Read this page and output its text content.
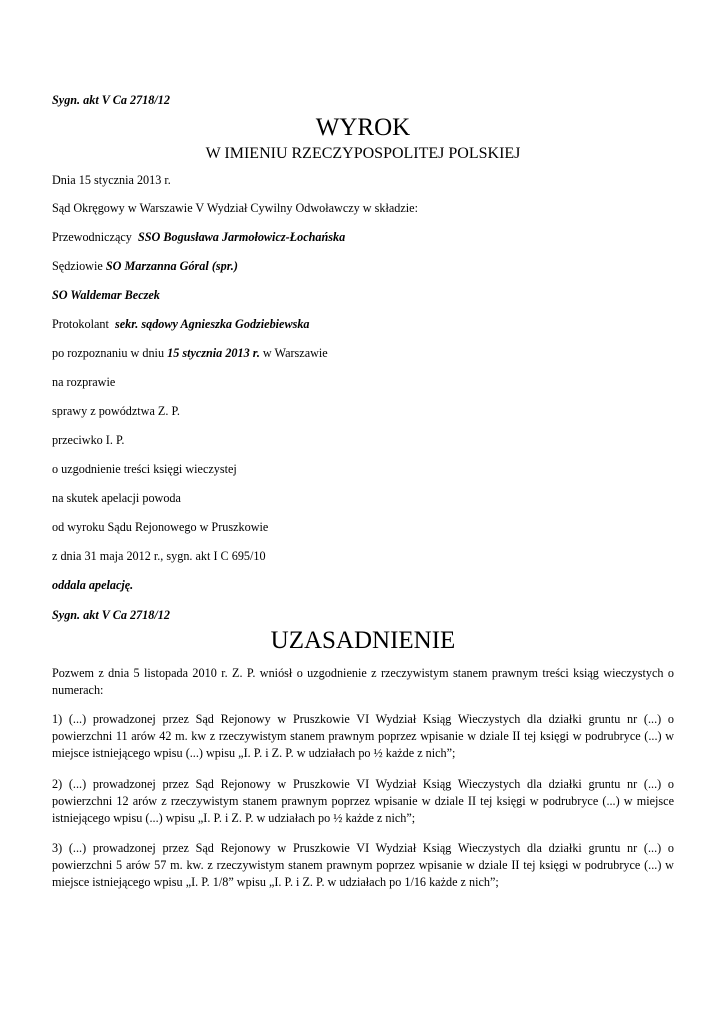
Sygn. akt V Ca 2718/12
WYROK
W IMIENIU RZECZYPOSPOLITEJ POLSKIEJ
Dnia 15 stycznia 2013 r.
Sąd Okręgowy w Warszawie V Wydział Cywilny Odwoławczy w składzie:
Przewodniczący SSO Bogusława Jarmołowicz-Łochańska
Sędziowie SO Marzanna Góral (spr.)
SO Waldemar Beczek
Protokolant sekr. sądowy Agnieszka Godziebiewska
po rozpoznaniu w dniu 15 stycznia 2013 r. w Warszawie
na rozprawie
sprawy z powództwa Z. P.
przeciwko I. P.
o uzgodnienie treści księgi wieczystej
na skutek apelacji powoda
od wyroku Sądu Rejonowego w Pruszkowie
z dnia 31 maja 2012 r., sygn. akt I C 695/10
oddala apelację.
Sygn. akt V Ca 2718/12
UZASADNIENIE
Pozwem z dnia 5 listopada 2010 r. Z. P. wniósł o uzgodnienie z rzeczywistym stanem prawnym treści ksiąg wieczystych o numerach:
1) (...) prowadzonej przez Sąd Rejonowy w Pruszkowie VI Wydział Ksiąg Wieczystych dla działki gruntu nr (...) o powierzchni 11 arów 42 m. kw z rzeczywistym stanem prawnym poprzez wpisanie w dziale II tej księgi w podrubryce (...) w miejsce istniejącego wpisu (...) wpisu „I. P. i Z. P. w udziałach po ½ każde z nich”;
2) (...) prowadzonej przez Sąd Rejonowy w Pruszkowie VI Wydział Ksiąg Wieczystych dla działki gruntu nr (...) o powierzchni 12 arów z rzeczywistym stanem prawnym poprzez wpisanie w dziale II tej księgi w podrubryce (...) w miejsce istniejącego wpisu (...) wpisu „I. P. i Z. P. w udziałach po ½ każde z nich”;
3) (...) prowadzonej przez Sąd Rejonowy w Pruszkowie VI Wydział Ksiąg Wieczystych dla działki gruntu nr (...) o powierzchni 5 arów 57 m. kw. z rzeczywistym stanem prawnym poprzez wpisanie w dziale II tej księgi w podrubryce (...) w miejsce istniejącego wpisu „I. P. 1/8” wpisu „I. P. i Z. P. w udziałach po 1/16 każde z nich”;
